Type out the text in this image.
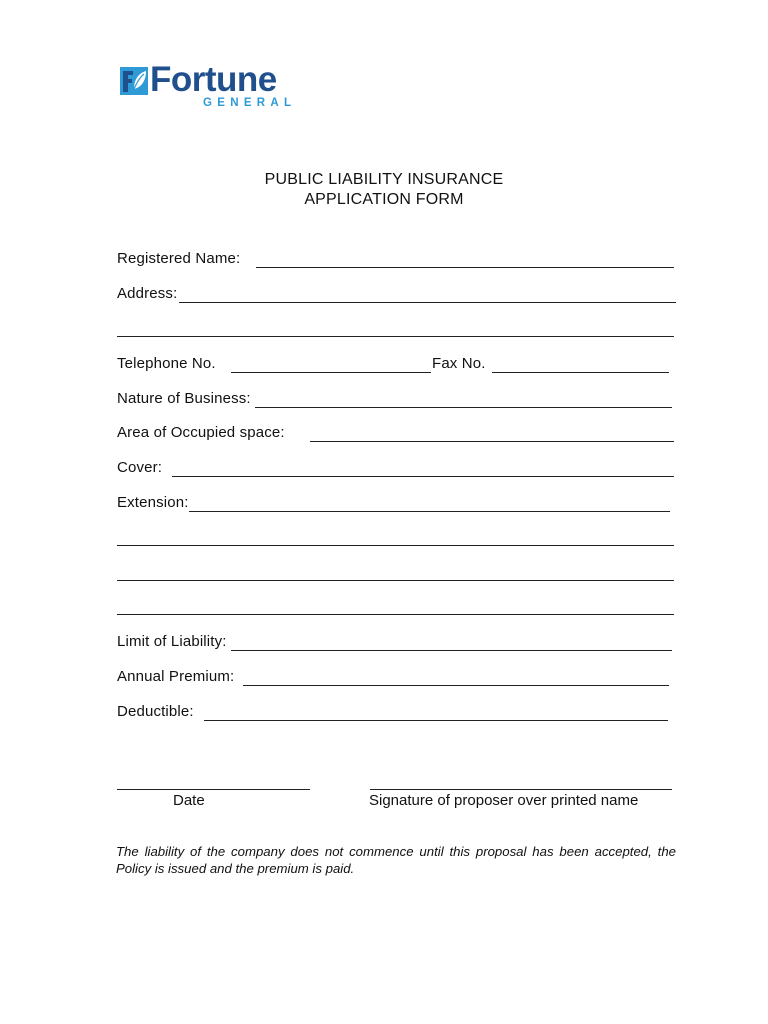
Fortune
GENERAL
PUBLIC LIABILITY INSURANCE
APPLICATION FORM
Registered Name:
Address:
Telephone No.	Fax No.
Nature of Business:
Area of Occupied space:
Cover:
Extension:
Limit of Liability:
Annual Premium:
Deductible:
Date	Signature of proposer over printed name
The liability of the company does not commence until this proposal has been accepted, the Policy is issued and the premium is paid.
